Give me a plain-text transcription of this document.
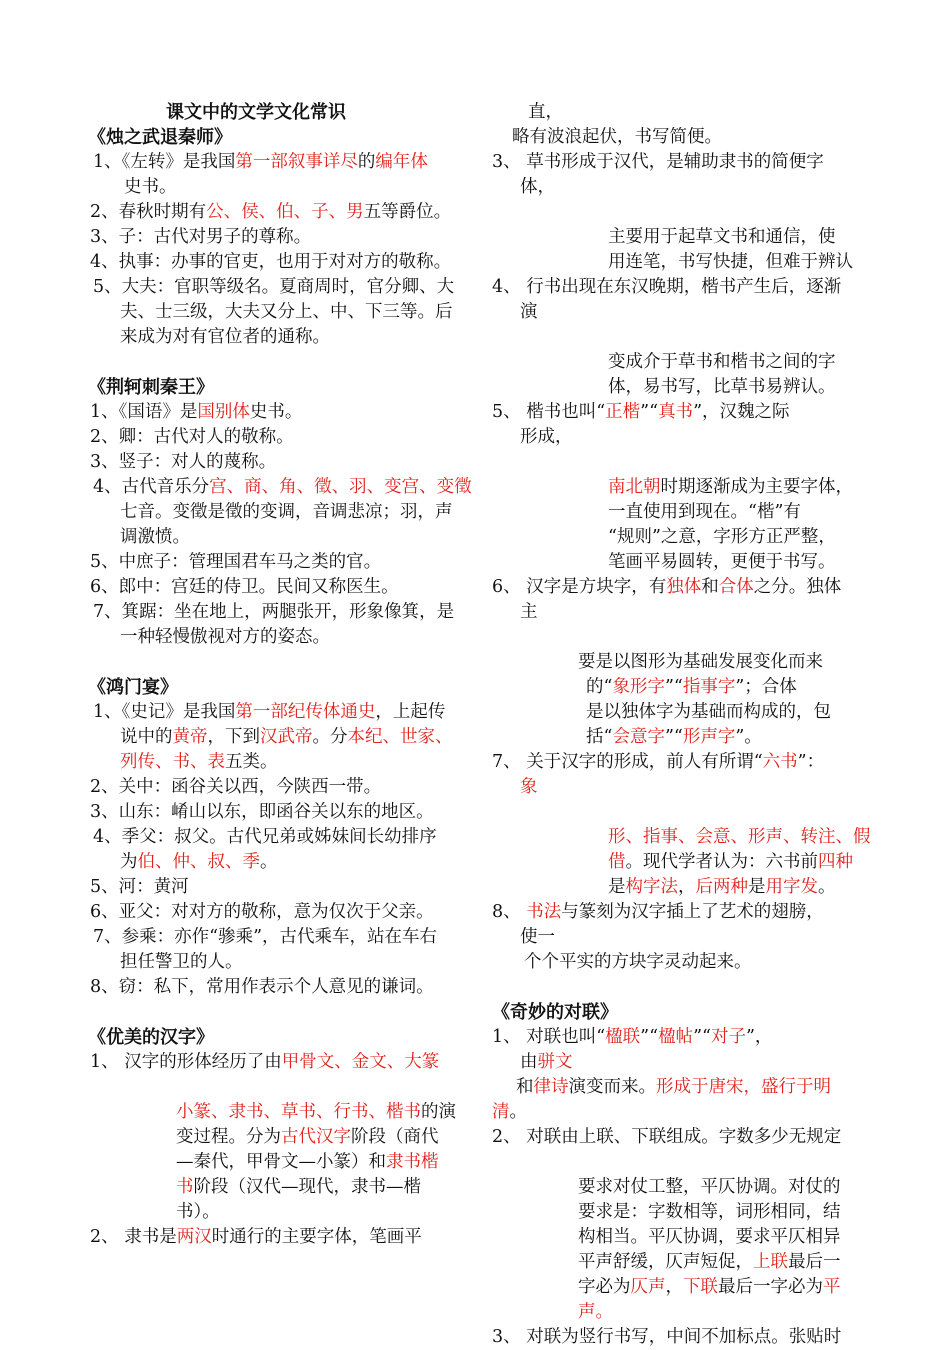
课文中的文学文化常识
《烛之武退秦师》
1、《左转》是我国第一部叙事详尽的编年体
史书。
2、春秋时期有公、侯、伯、子、男五等爵位。
3、子：古代对男子的尊称。
4、执事：办事的官吏，也用于对对方的敬称。
5、大夫：官职等级名。夏商周时，官分卿、大
夫、士三级，大夫又分上、中、下三等。后
来成为对有官位者的通称。
《荆轲刺秦王》
1、《国语》是国别体史书。
2、卿：古代对人的敬称。
3、竖子：对人的蔑称。
4、古代音乐分宫、商、角、徵、羽、变宫、变徵
七音。变徵是徵的变调，音调悲凉；羽，声
调激愤。
5、中庶子：管理国君车马之类的官。
6、郎中：宫廷的侍卫。民间又称医生。
7、箕踞：坐在地上，两腿张开，形象像箕，是
一种轻慢傲视对方的姿态。
《鸿门宴》
1、《史记》是我国第一部纪传体通史，上起传
说中的黄帝，下到汉武帝。分本纪、世家、
列传、书、表五类。
2、关中：函谷关以西，今陕西一带。
3、山东：崤山以东，即函谷关以东的地区。
4、季父：叔父。古代兄弟或姊妹间长幼排序
为伯、仲、叔、季。
5、河：黄河
6、亚父：对对方的敬称，意为仅次于父亲。
7、参乘：亦作“骖乘”，古代乘车，站在车右
担任警卫的人。
8、窃：私下，常用作表示个人意见的谦词。
《优美的汉字》
1、 汉字的形体经历了由甲骨文、金文、大篆
小篆、隶书、草书、行书、楷书的演
变过程。分为古代汉字阶段（商代
—秦代，甲骨文—小篆）和隶书楷
书阶段（汉代—现代，隶书—楷
书）。
2、 隶书是两汉时通行的主要字体，笔画平
直，
略有波浪起伏，书写简便。
3、 草书形成于汉代，是辅助隶书的简便字
体，
主要用于起草文书和通信，使
用连笔，书写快捷，但难于辨认
4、 行书出现在东汉晚期，楷书产生后，逐渐
演
变成介于草书和楷书之间的字
体，易书写，比草书易辨认。
5、 楷书也叫“正楷”“真书”，汉魏之际
形成，
南北朝时期逐渐成为主要字体，
一直使用到现在。“楷”有
“规则”之意，字形方正严整，
笔画平易圆转，更便于书写。
6、 汉字是方块字，有独体和合体之分。独体
主
要是以图形为基础发展变化而来
的“象形字”“指事字”；合体
是以独体字为基础而构成的，包
括“会意字”“形声字”。
7、 关于汉字的形成，前人有所谓“六书”：
象
形、指事、会意、形声、转注、假
借。现代学者认为：六书前四种
是构字法，后两种是用字发。
8、 书法与篆刻为汉字插上了艺术的翅膀，
使一
个个平实的方块字灵动起来。
《奇妙的对联》
1、 对联也叫“楹联”“楹帖”“对子”，
由骈文
和律诗演变而来。形成于唐宋，盛行于明
清。
2、 对联由上联、下联组成。字数多少无规定
要求对仗工整，平仄协调。对仗的
要求是：字数相等，词形相同，结
构相当。平仄协调，要求平仄相异
平声舒缓，仄声短促，上联最后一
字必为仄声，下联最后一字必为平
声。
3、 对联为竖行书写，中间不加标点。张贴时
